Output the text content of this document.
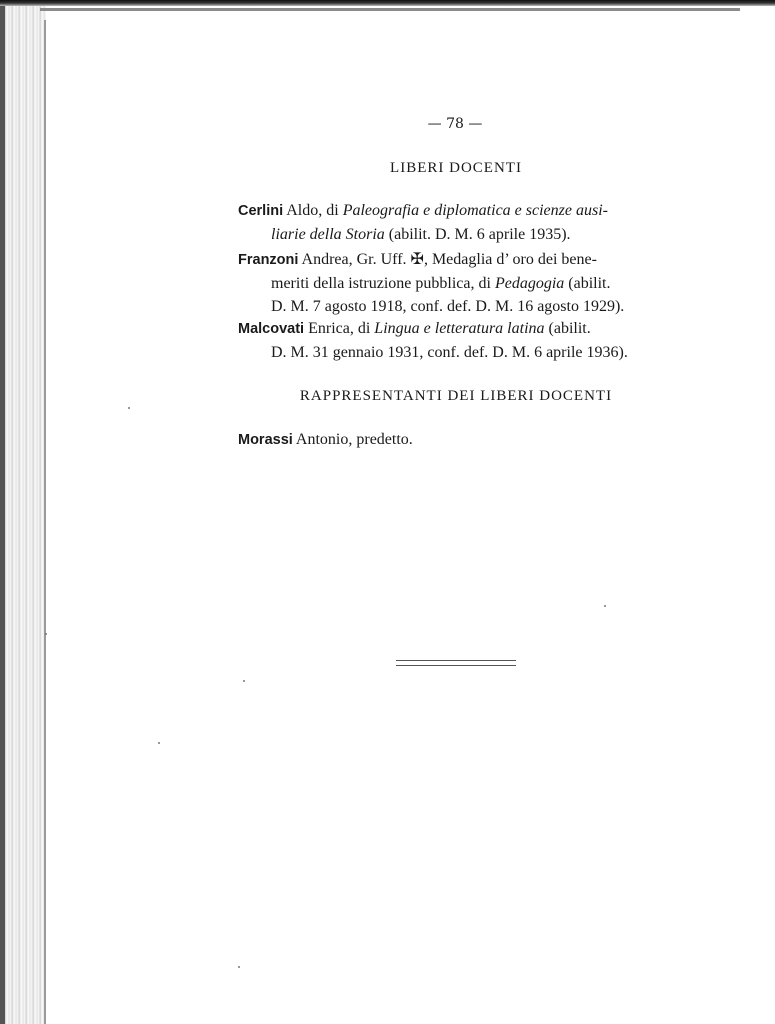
— 78 —
LIBERI DOCENTI
Cerlini Aldo, di Paleografia e diplomatica e scienze ausi-
liarie della Storia (abilit. D. M. 6 aprile 1935).
Franzoni Andrea, Gr. Uff. ✠, Medaglia d’ oro dei bene-
meriti della istruzione pubblica, di Pedagogia (abilit.
D. M. 7 agosto 1918, conf. def. D. M. 16 agosto 1929).
Malcovati Enrica, di Lingua e letteratura latina (abilit.
D. M. 31 gennaio 1931, conf. def. D. M. 6 aprile 1936).
RAPPRESENTANTI DEI LIBERI DOCENTI
Morassi Antonio, predetto.
